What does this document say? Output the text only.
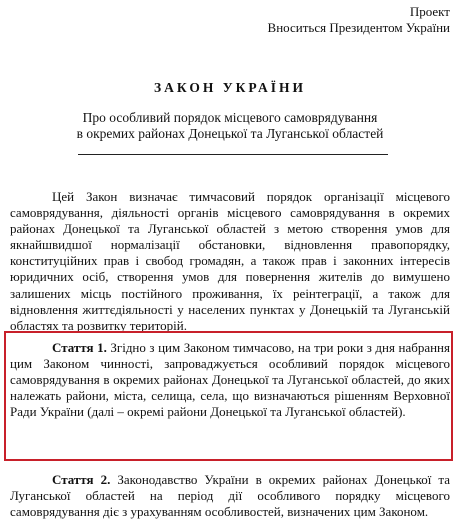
Проект
Вноситься Президентом України
ЗАКОН УКРАЇНИ
Про особливий порядок місцевого самоврядування
в окремих районах Донецької та Луганської областей

Цей Закон визначає тимчасовий порядок організації місцевого самоврядування, діяльності органів місцевого самоврядування в окремих районах Донецької та Луганської областей з метою створення умов для якнайшвидшої нормалізації обстановки, відновлення правопорядку, конституційних прав і свобод громадян, а також прав і законних інтересів юридичних осіб, створення умов для повернення жителів до вимушено залишених місць постійного проживання, їх реінтеграції, а також для відновлення життєдіяльності у населених пунктах у Донецькій та Луганській областях та розвитку територій.

Стаття 1. Згідно з цим Законом тимчасово, на три роки з дня набрання цим Законом чинності, запроваджується особливий порядок місцевого самоврядування в окремих районах Донецької та Луганської областей, до яких належать райони, міста, селища, села, що визначаються рішенням Верховної Ради України (далі – окремі райони Донецької та Луганської областей).

Стаття 2. Законодавство України в окремих районах Донецької та Луганської областей на період дії особливого порядку місцевого самоврядування діє з урахуванням особливостей, визначених цим Законом.
